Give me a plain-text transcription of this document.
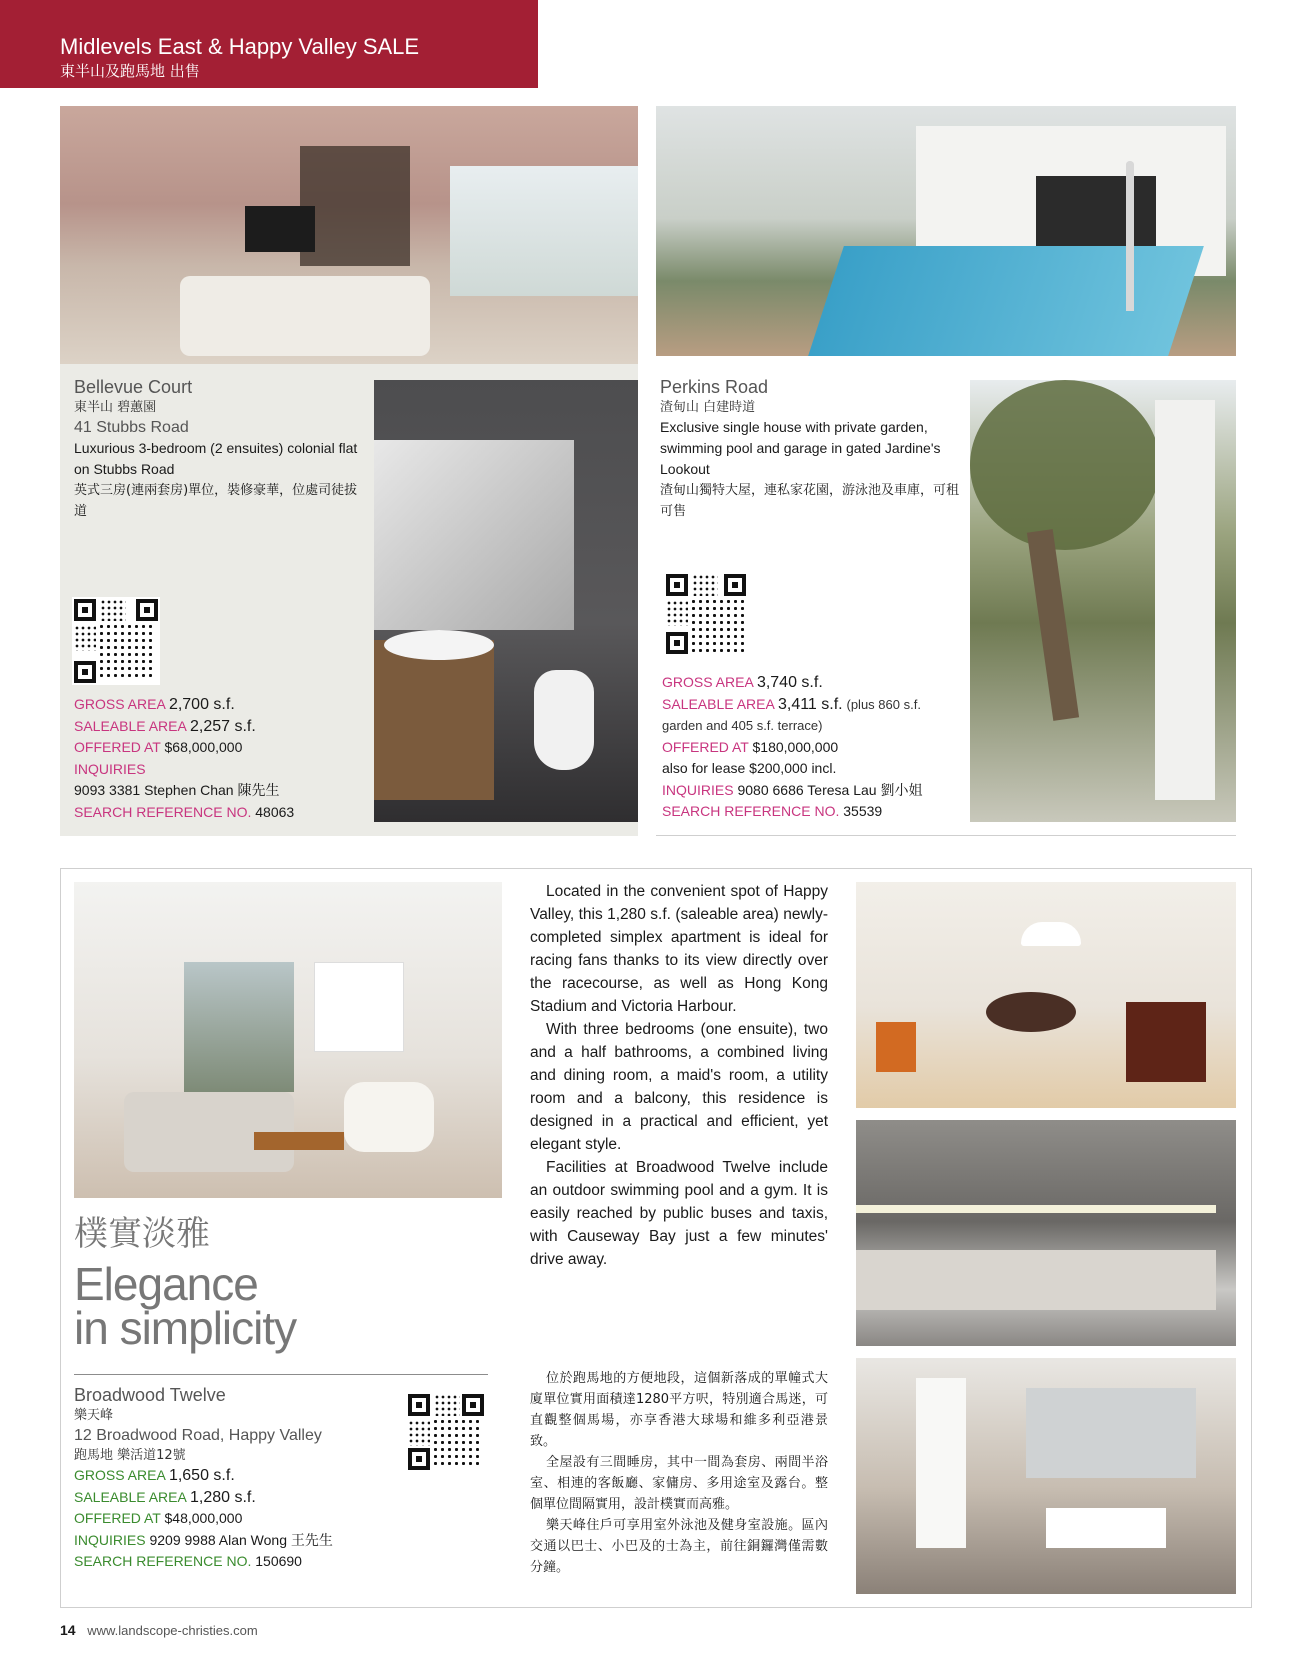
Midlevels East & Happy Valley SALE
東半山及跑馬地 出售
Bellevue Court
東半山 碧蕙園
41 Stubbs Road
Luxurious 3-bedroom (2 ensuites) colonial flat on Stubbs Road
英式三房(連兩套房)單位，裝修豪華，位處司徒拔道
GROSS AREA 2,700 s.f.
SALEABLE AREA 2,257 s.f.
OFFERED AT $68,000,000
INQUIRIES
9093 3381 Stephen Chan 陳先生
SEARCH REFERENCE NO. 48063
Perkins Road
渣甸山 白建時道
Exclusive single house with private garden, swimming pool and garage in gated Jardine's Lookout
渣甸山獨特大屋，連私家花園，游泳池及車庫，可租可售
GROSS AREA 3,740 s.f.
SALEABLE AREA 3,411 s.f. (plus 860 s.f. garden and 405 s.f. terrace)
OFFERED AT $180,000,000
also for lease $200,000 incl.
INQUIRIES 9080 6686 Teresa Lau 劉小姐
SEARCH REFERENCE NO. 35539
樸實淡雅
Elegance
in simplicity
Broadwood Twelve
樂天峰
12 Broadwood Road, Happy Valley
跑馬地 樂活道12號
GROSS AREA 1,650 s.f.
SALEABLE AREA 1,280 s.f.
OFFERED AT $48,000,000
INQUIRIES 9209 9988 Alan Wong 王先生
SEARCH REFERENCE NO. 150690

Located in the convenient spot of Happy Valley, this 1,280 s.f. (saleable area) newly-completed simplex apartment is ideal for racing fans thanks to its view directly over the racecourse, as well as Hong Kong Stadium and Victoria Harbour.

With three bedrooms (one ensuite), two and a half bathrooms, a combined living and dining room, a maid's room, a utility room and a balcony, this residence is designed in a practical and efficient, yet elegant style.

Facilities at Broadwood Twelve include an outdoor swimming pool and a gym. It is easily reached by public buses and taxis, with Causeway Bay just a few minutes' drive away.

位於跑馬地的方便地段，這個新落成的單幢式大廈單位實用面積達1280平方呎，特別適合馬迷，可直觀整個馬場，亦享香港大球場和維多利亞港景致。

全屋設有三間睡房，其中一間為套房、兩間半浴室、相連的客飯廳、家傭房、多用途室及露台。整個單位間隔實用，設計樸實而高雅。

樂天峰住戶可享用室外泳池及健身室設施。區內交通以巴士、小巴及的士為主，前往銅鑼灣僅需數分鐘。

14 www.landscope-christies.com
